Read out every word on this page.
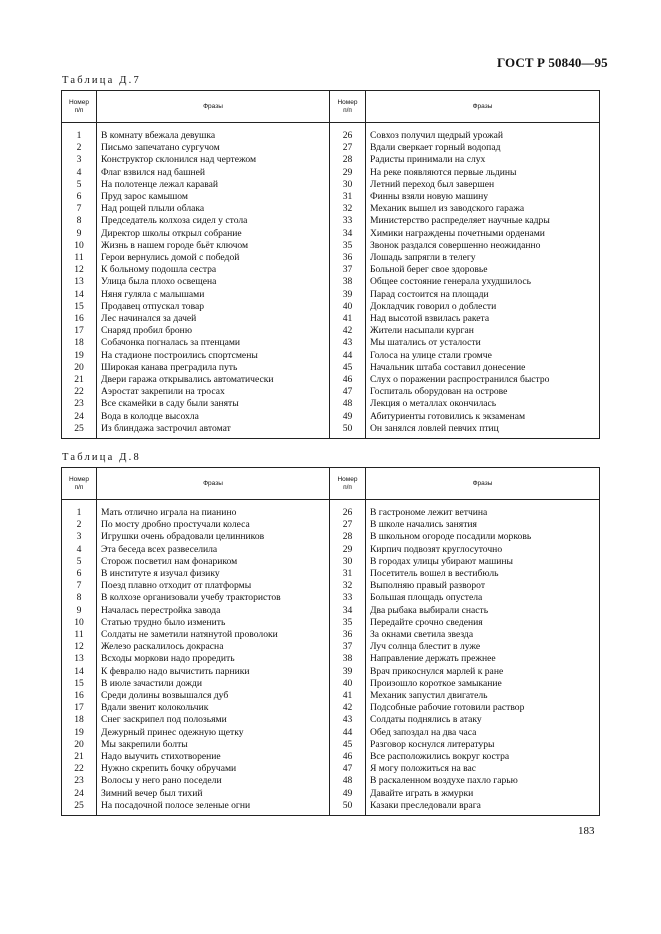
ГОСТ Р 50840—95
Таблица Д.7
Номер
п/п	Фразы	Номер
п/п	Фразы

1	В комнату вбежала девушка	26	Совхоз получил щедрый урожай
2	Письмо запечатано сургучом	27	Вдали сверкает горный водопад
3	Конструктор склонился над чертежом	28	Радисты принимали на слух
4	Флаг взвился над башней	29	На реке появляются первые льдины
5	На полотенце лежал каравай	30	Летний переход был завершен
6	Пруд зарос камышом	31	Финны взяли новую машину
7	Над рощей плыли облака	32	Механик вышел из заводского гаража
8	Председатель колхоза сидел у стола	33	Министерство распределяет научные кадры
9	Директор школы открыл собрание	34	Химики награждены почетными орденами
10	Жизнь в нашем городе бьёт ключом	35	Звонок раздался совершенно неожиданно
11	Герои вернулись домой с победой	36	Лошадь запрягли в телегу
12	К больному подошла сестра	37	Больной берег свое здоровье
13	Улица была плохо освещена	38	Общее состояние генерала ухудшилось
14	Няня гуляла с малышами	39	Парад состоится на площади
15	Продавец отпускал товар	40	Докладчик говорил о доблести
16	Лес начинался за дачей	41	Над высотой взвилась ракета
17	Снаряд пробил броню	42	Жители насыпали курган
18	Собачонка погналась за птенцами	43	Мы шатались от усталости
19	На стадионе построились спортсмены	44	Голоса на улице стали громче
20	Широкая канава преградила путь	45	Начальник штаба составил донесение
21	Двери гаража открывались автоматически	46	Слух о поражении распространился быстро
22	Аэростат закрепили на тросах	47	Госпиталь оборудован на острове
23	Все скамейки в саду были заняты	48	Лекция о металлах окончилась
24	Вода в колодце высохла	49	Абитуриенты готовились к экзаменам
25	Из блиндажа застрочил автомат	50	Он занялся ловлей певчих птиц
Таблица Д.8
Номер
п/п	Фразы	Номер
п/п	Фразы

1	Мать отлично играла на пианино	26	В гастрономе лежит ветчина
2	По мосту дробно простучали колеса	27	В школе начались занятия
3	Игрушки очень обрадовали целинников	28	В школьном огороде посадили морковь
4	Эта беседа всех развеселила	29	Кирпич подвозят круглосуточно
5	Сторож посветил нам фонариком	30	В городах улицы убирают машины
6	В институте я изучал физику	31	Посетитель вошел в вестибюль
7	Поезд плавно отходит от платформы	32	Выполняю правый разворот
8	В колхозе организовали учебу трактористов	33	Большая площадь опустела
9	Началась перестройка завода	34	Два рыбака выбирали снасть
10	Статью трудно было изменить	35	Передайте срочно сведения
11	Солдаты не заметили натянутой проволоки	36	За окнами светила звезда
12	Железо раскалилось докрасна	37	Луч солнца блестит в луже
13	Всходы моркови надо проредить	38	Направление держать прежнее
14	К февралю надо вычистить парники	39	Врач прикоснулся марлей к ране
15	В июле зачастили дожди	40	Произошло короткое замыкание
16	Среди долины возвышался дуб	41	Механик запустил двигатель
17	Вдали звенит колокольчик	42	Подсобные рабочие готовили раствор
18	Снег заскрипел под полозьями	43	Солдаты поднялись в атаку
19	Дежурный принес одежную щетку	44	Обед запоздал на два часа
20	Мы закрепили болты	45	Разговор коснулся литературы
21	Надо выучить стихотворение	46	Все расположились вокруг костра
22	Нужно скрепить бочку обручами	47	Я могу положиться на вас
23	Волосы у него рано поседели	48	В раскаленном воздухе пахло гарью
24	Зимний вечер был тихий	49	Давайте играть в жмурки
25	На посадочной полосе зеленые огни	50	Казаки преследовали врага
183
